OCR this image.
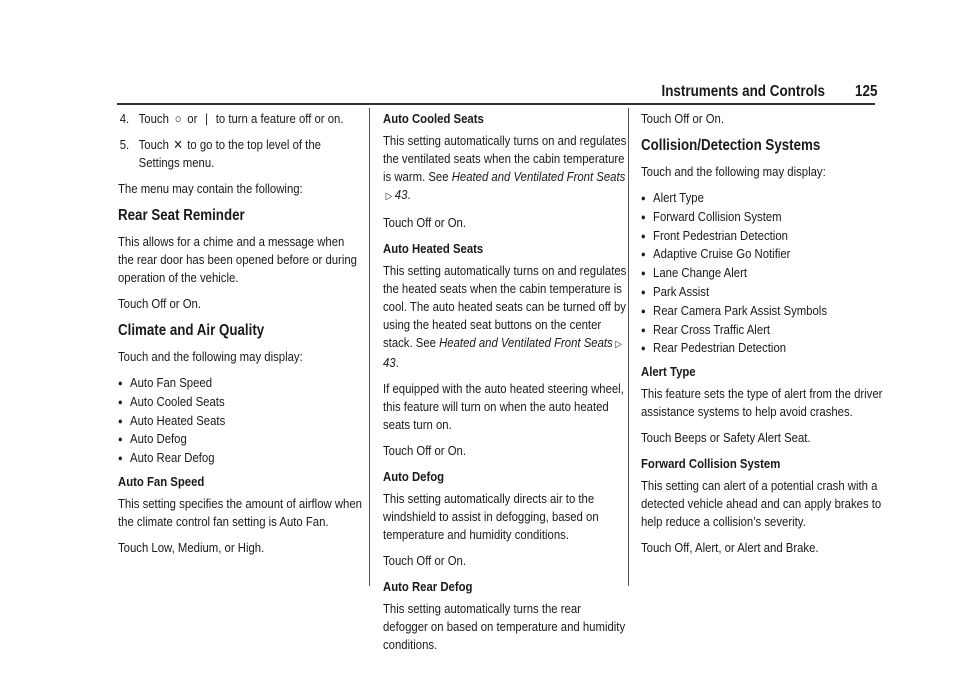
Instruments and Controls 125
4. Touch ○ or | to turn a feature off or on.
5. Touch ✕ to go to the top level of the Settings menu.

The menu may contain the following:

Rear Seat Reminder

This allows for a chime and a message when the rear door has been opened before or during operation of the vehicle.

Touch Off or On.

Climate and Air Quality

Touch and the following may display:

● Auto Fan Speed
● Auto Cooled Seats
● Auto Heated Seats
● Auto Defog
● Auto Rear Defog

Auto Fan Speed

This setting specifies the amount of airflow when the climate control fan setting is Auto Fan.

Touch Low, Medium, or High.

Auto Cooled Seats

This setting automatically turns on and regulates the ventilated seats when the cabin temperature is warm. See Heated and Ventilated Front Seats▷ 43.

Touch Off or On.

Auto Heated Seats

This setting automatically turns on and regulates the heated seats when the cabin temperature is cool. The auto heated seats can be turned off by using the heated seat buttons on the center stack. See Heated and Ventilated Front Seats ▷43.

If equipped with the auto heated steering wheel, this feature will turn on when the auto heated seats turn on.

Touch Off or On.

Auto Defog

This setting automatically directs air to the windshield to assist in defogging, based on temperature and humidity conditions.

Touch Off or On.

Auto Rear Defog

This setting automatically turns the rear defogger on based on temperature and humidity conditions.

Touch Off or On.

Collision/Detection Systems

Touch and the following may display:

● Alert Type
● Forward Collision System
● Front Pedestrian Detection
● Adaptive Cruise Go Notifier
● Lane Change Alert
● Park Assist
● Rear Camera Park Assist Symbols
● Rear Cross Traffic Alert
● Rear Pedestrian Detection

Alert Type

This feature sets the type of alert from the driver assistance systems to help avoid crashes.

Touch Beeps or Safety Alert Seat.

Forward Collision System

This setting can alert of a potential crash with a detected vehicle ahead and can apply brakes to help reduce a collision’s severity.

Touch Off, Alert, or Alert and Brake.
